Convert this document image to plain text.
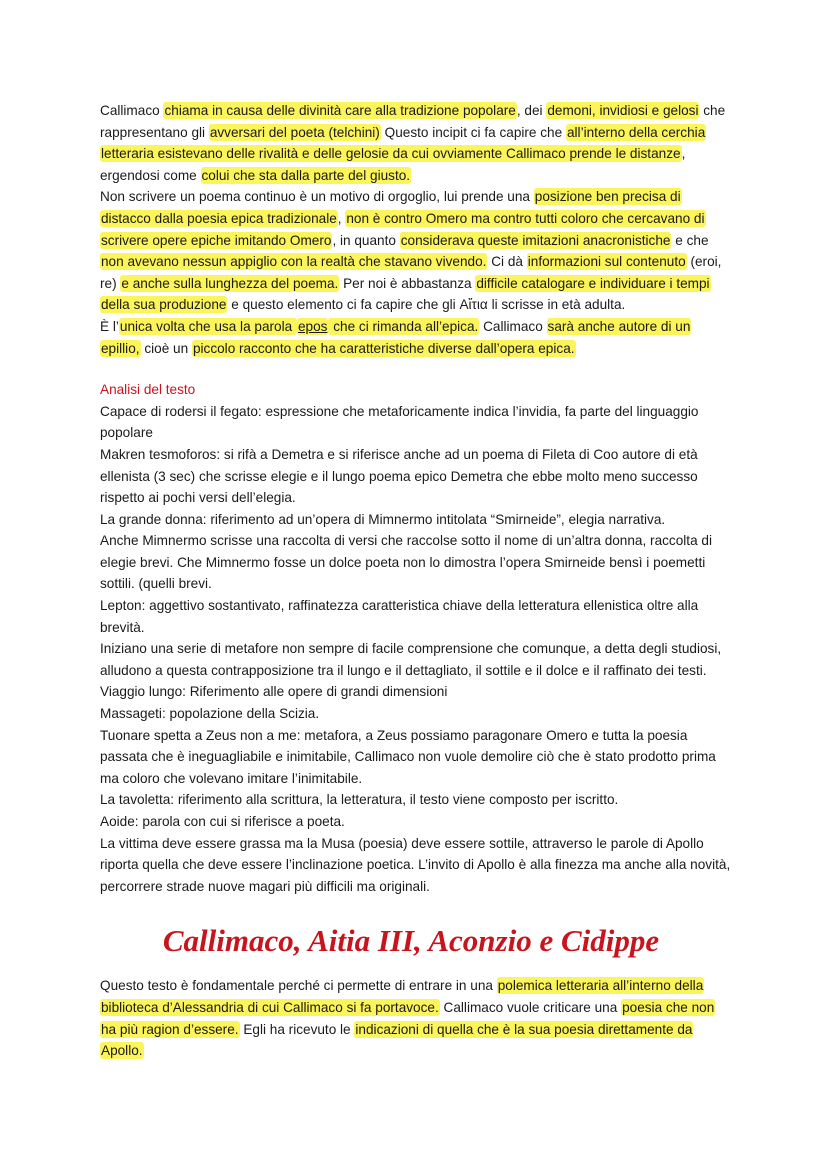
Callimaco chiama in causa delle divinità care alla tradizione popolare, dei demoni, invidiosi e gelosi che rappresentano gli avversari del poeta (telchini) Questo incipit ci fa capire che all’interno della cerchia letteraria esistevano delle rivalità e delle gelosie da cui ovviamente Callimaco prende le distanze, ergendosi come colui che sta dalla parte del giusto.

Non scrivere un poema continuo è un motivo di orgoglio, lui prende una posizione ben precisa di distacco dalla poesia epica tradizionale, non è contro Omero ma contro tutti coloro che cercavano di scrivere opere epiche imitando Omero, in quanto considerava queste imitazioni anacronistiche e che non avevano nessun appiglio con la realtà che stavano vivendo. Ci dà informazioni sul contenuto (eroi, re) e anche sulla lunghezza del poema. Per noi è abbastanza difficile catalogare e individuare i tempi della sua produzione e questo elemento ci fa capire che gli Αἴτια li scrisse in età adulta.

È l’unica volta che usa la parola epos che ci rimanda all’epica. Callimaco sarà anche autore di un epillio, cioè un piccolo racconto che ha caratteristiche diverse dall’opera epica.

Analisi del testo

Capace di rodersi il fegato: espressione che metaforicamente indica l’invidia, fa parte del linguaggio popolare

Makren tesmoforos: si rifà a Demetra e si riferisce anche ad un poema di Fileta di Coo autore di età ellenista (3 sec) che scrisse elegie e il lungo poema epico Demetra che ebbe molto meno successo rispetto ai pochi versi dell’elegia.

La grande donna: riferimento ad un’opera di Mimnermo intitolata “Smirneide”, elegia narrativa.

Anche Mimnermo scrisse una raccolta di versi che raccolse sotto il nome di un’altra donna, raccolta di elegie brevi. Che Mimnermo fosse un dolce poeta non lo dimostra l’opera Smirneide bensì i poemetti sottili. (quelli brevi.

Lepton: aggettivo sostantivato, raffinatezza caratteristica chiave della letteratura ellenistica oltre alla brevità.

Iniziano una serie di metafore non sempre di facile comprensione che comunque, a detta degli studiosi, alludono a questa contrapposizione tra il lungo e il dettagliato, il sottile e il dolce e il raffinato dei testi.

Viaggio lungo: Riferimento alle opere di grandi dimensioni

Massageti: popolazione della Scizia.

Tuonare spetta a Zeus non a me: metafora, a Zeus possiamo paragonare Omero e tutta la poesia passata che è ineguagliabile e inimitabile, Callimaco non vuole demolire ciò che è stato prodotto prima ma coloro che volevano imitare l’inimitabile.

La tavoletta: riferimento alla scrittura, la letteratura, il testo viene composto per iscritto.

Aoide: parola con cui si riferisce a poeta.

La vittima deve essere grassa ma la Musa (poesia) deve essere sottile, attraverso le parole di Apollo riporta quella che deve essere l’inclinazione poetica. L’invito di Apollo è alla finezza ma anche alla novità, percorrere strade nuove magari più difficili ma originali.

Callimaco, Aitia III, Aconzio e Cidippe

Questo testo è fondamentale perché ci permette di entrare in una polemica letteraria all’interno della biblioteca d’Alessandria di cui Callimaco si fa portavoce. Callimaco vuole criticare una poesia che non ha più ragion d’essere. Egli ha ricevuto le indicazioni di quella che è la sua poesia direttamente da Apollo.
